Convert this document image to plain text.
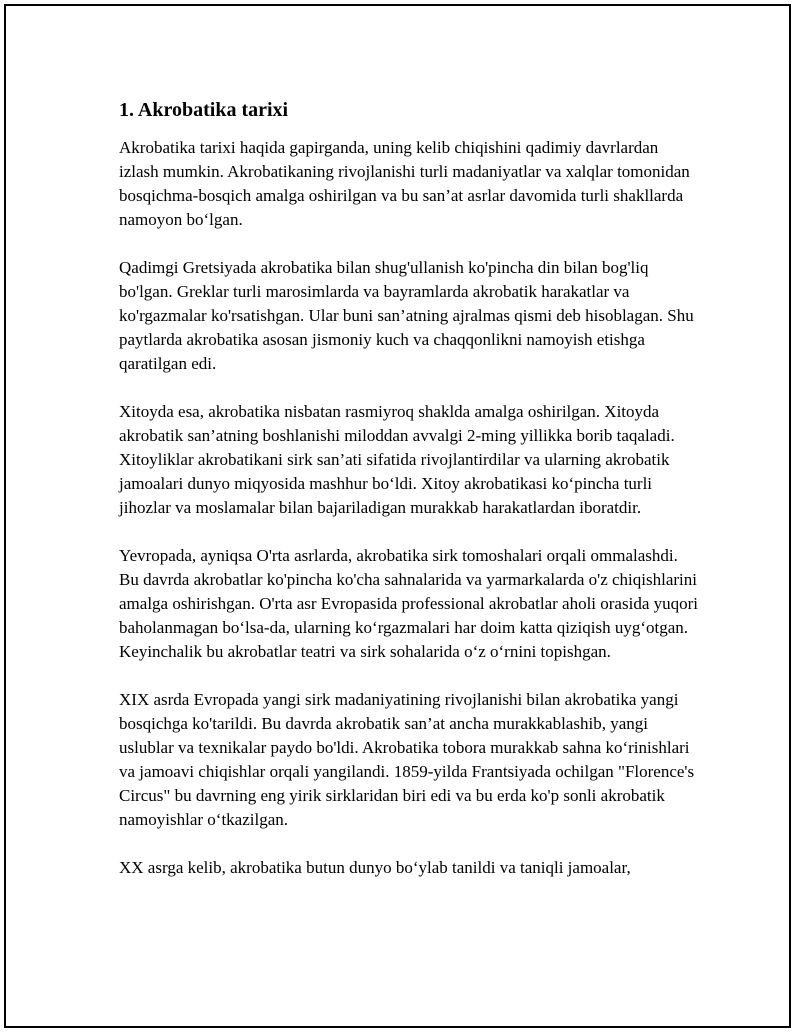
1. Akrobatika tarixi

Akrobatika tarixi haqida gapirganda, uning kelib chiqishini qadimiy davrlardan izlash mumkin. Akrobatikaning rivojlanishi turli madaniyatlar va xalqlar tomonidan bosqichma-bosqich amalga oshirilgan va bu san’at asrlar davomida turli shakllarda namoyon bo‘lgan.

Qadimgi Gretsiyada akrobatika bilan shug'ullanish ko'pincha din bilan bog'liq bo'lgan. Greklar turli marosimlarda va bayramlarda akrobatik harakatlar va ko'rgazmalar ko'rsatishgan. Ular buni san’atning ajralmas qismi deb hisoblagan. Shu paytlarda akrobatika asosan jismoniy kuch va chaqqonlikni namoyish etishga qaratilgan edi.

Xitoyda esa, akrobatika nisbatan rasmiyroq shaklda amalga oshirilgan. Xitoyda akrobatik san’atning boshlanishi miloddan avvalgi 2-ming yillikka borib taqaladi. Xitoyliklar akrobatikani sirk san’ati sifatida rivojlantirdilar va ularning akrobatik jamoalari dunyo miqyosida mashhur bo‘ldi. Xitoy akrobatikasi ko‘pincha turli jihozlar va moslamalar bilan bajariladigan murakkab harakatlardan iboratdir.

Yevropada, ayniqsa O'rta asrlarda, akrobatika sirk tomoshalari orqali ommalashdi. Bu davrda akrobatlar ko'pincha ko'cha sahnalarida va yarmarkalarda o'z chiqishlarini amalga oshirishgan. O'rta asr Evropasida professional akrobatlar aholi orasida yuqori baholanmagan bo‘lsa-da, ularning ko‘rgazmalari har doim katta qiziqish uyg‘otgan. Keyinchalik bu akrobatlar teatri va sirk sohalarida o‘z o‘rnini topishgan.

XIX asrda Evropada yangi sirk madaniyatining rivojlanishi bilan akrobatika yangi bosqichga ko'tarildi. Bu davrda akrobatik san’at ancha murakkablashib, yangi uslublar va texnikalar paydo bo'ldi. Akrobatika tobora murakkab sahna ko‘rinishlari va jamoavi chiqishlar orqali yangilandi. 1859-yilda Frantsiyada ochilgan "Florence's Circus" bu davrning eng yirik sirklaridan biri edi va bu erda ko'p sonli akrobatik namoyishlar o‘tkazilgan.

XX asrga kelib, akrobatika butun dunyo bo‘ylab tanildi va taniqli jamoalar,
